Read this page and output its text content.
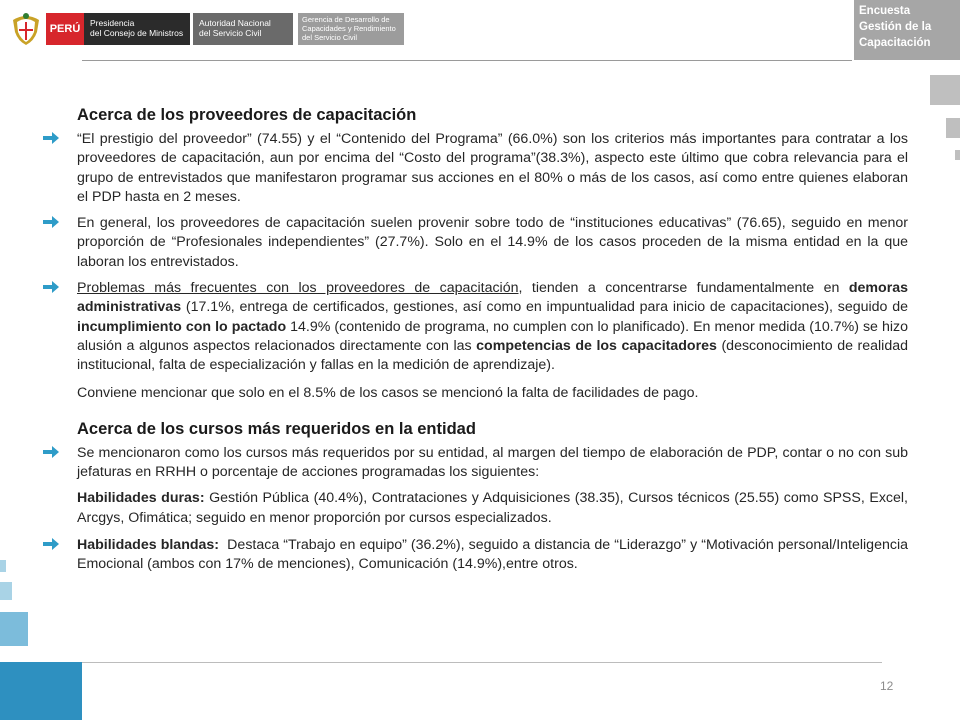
PERÚ	Presidencia
del Consejo de Ministros
Autoridad Nacional
del Servicio Civil
Gerencia de Desarrollo de
Capacidades y Rendimiento
del Servicio Civil
Encuesta
Gestión de la
Capacitación
Acerca de los proveedores de capacitación

“El prestigio del proveedor” (74.55) y el “Contenido del Programa” (66.0%) son los criterios más importantes para contratar a los proveedores de capacitación, aun por encima del “Costo del programa”(38.3%), aspecto este último que cobra relevancia para el grupo de entrevistados que manifestaron programar sus acciones en el 80% o más de los casos, así como entre quienes elaboran el PDP hasta en 2 meses.

En general, los proveedores de capacitación suelen provenir sobre todo de “instituciones educativas” (76.65), seguido en menor proporción de “Profesionales independientes” (27.7%). Solo en el 14.9% de los casos proceden de la misma entidad en la que laboran los entrevistados.

Problemas más frecuentes con los proveedores de capacitación, tienden a concentrarse fundamentalmente en demoras administrativas (17.1%, entrega de certificados, gestiones, así como en impuntualidad para inicio de capacitaciones), seguido de incumplimiento con lo pactado 14.9% (contenido de programa, no cumplen con lo planificado). En menor medida (10.7%) se hizo alusión a algunos aspectos relacionados directamente con las competencias de los capacitadores (desconocimiento de realidad institucional, falta de especialización y fallas en la medición de aprendizaje).

Conviene mencionar que solo en el 8.5% de los casos se mencionó la falta de facilidades de pago.

Acerca de los cursos más requeridos en la entidad

Se mencionaron como los cursos más requeridos por su entidad, al margen del tiempo de elaboración de PDP, contar o no con sub jefaturas en RRHH o porcentaje de acciones programadas los siguientes:

Habilidades duras: Gestión Pública (40.4%), Contrataciones y Adquisiciones (38.35), Cursos técnicos (25.55) como SPSS, Excel, Arcgys, Ofimática; seguido en menor proporción por cursos especializados.

Habilidades blandas:  Destaca “Trabajo en equipo” (36.2%), seguido a distancia de “Liderazgo” y “Motivación personal/Inteligencia Emocional (ambos con 17% de menciones), Comunicación (14.9%),entre otros.

12
